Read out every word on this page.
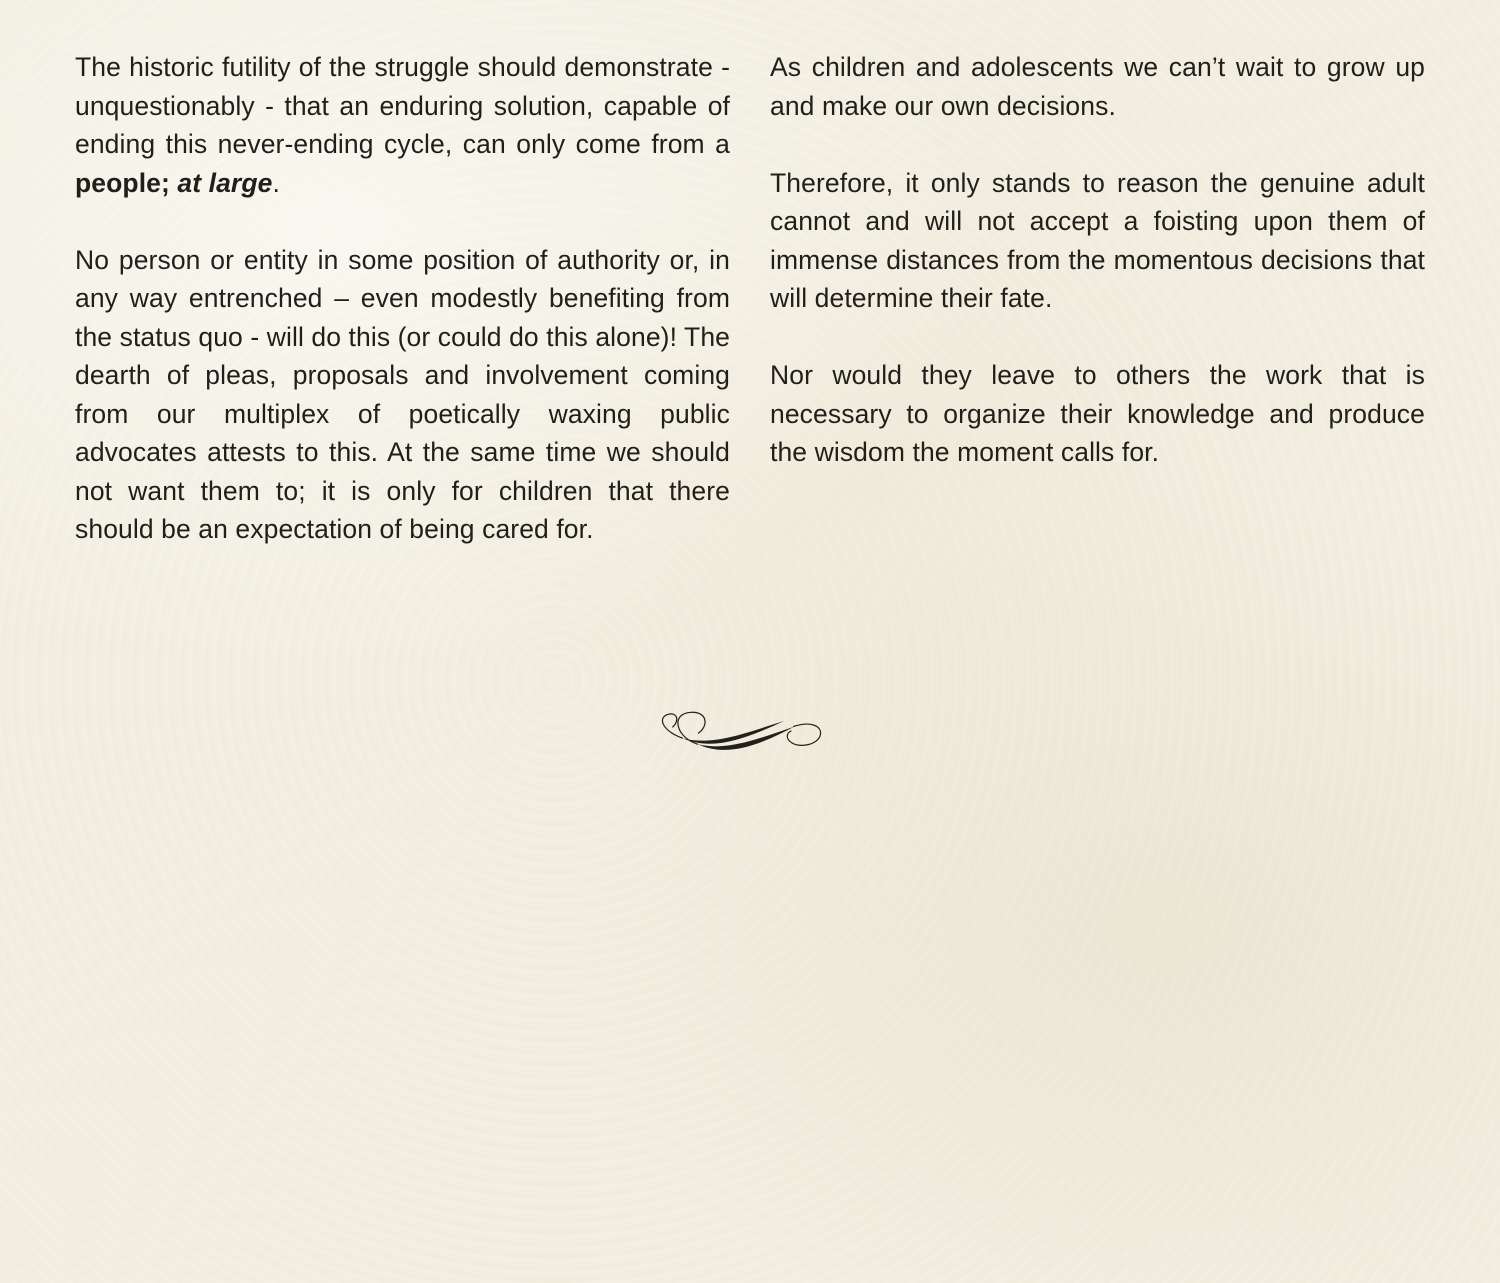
The historic futility of the struggle should demonstrate - unquestionably - that an enduring solution, capable of ending this never-ending cycle, can only come from a people; at large.

No person or entity in some position of authority or, in any way entrenched – even modestly benefiting from the status quo - will do this (or could do this alone)! The dearth of pleas, proposals and involvement coming from our multiplex of poetically waxing public advocates attests to this. At the same time we should not want them to; it is only for children that there should be an expectation of being cared for.

As children and adolescents we can’t wait to grow up and make our own decisions.

Therefore, it only stands to reason the genuine adult cannot and will not accept a foisting upon them of immense distances from the momentous decisions that will determine their fate.

Nor would they leave to others the work that is necessary to organize their knowledge and produce the wisdom the moment calls for.
